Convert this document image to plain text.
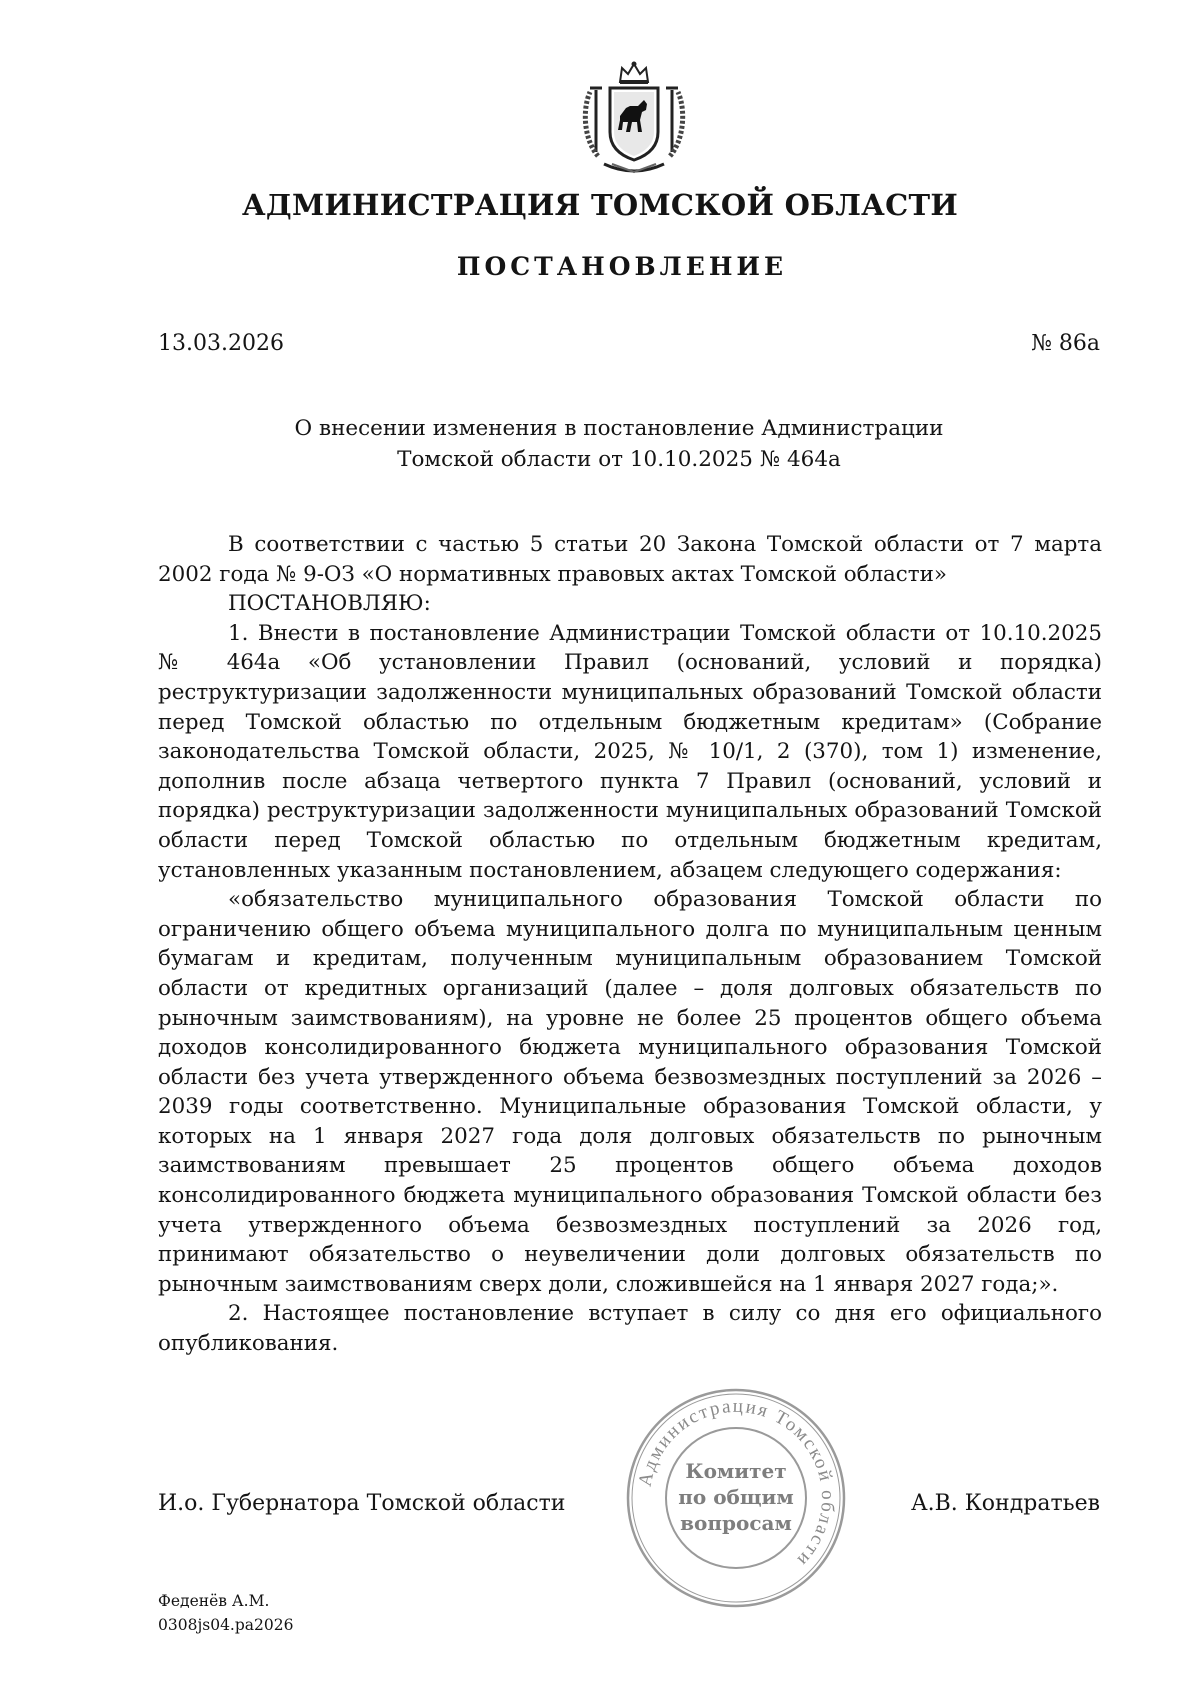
АДМИНИСТРАЦИЯ ТОМСКОЙ ОБЛАСТИ
ПОСТАНОВЛЕНИЕ
13.03.2026	№ 86а
О внесении изменения в постановление Администрации
Томской области от 10.10.2025 № 464а

В соответствии с частью 5 статьи 20 Закона Томской области от 7 марта 2002 года № 9-ОЗ «О нормативных правовых актах Томской области»

ПОСТАНОВЛЯЮ:

1. Внести в постановление Администрации Томской области от 10.10.2025 № 464а «Об установлении Правил (оснований, условий и порядка) реструктуризации задолженности муниципальных образований Томской области перед Томской областью по отдельным бюджетным кредитам» (Собрание законодательства Томской области, 2025, № 10/1, 2 (370), том 1) изменение, дополнив после абзаца четвертого пункта 7 Правил (оснований, условий и порядка) реструктуризации задолженности муниципальных образований Томской области перед Томской областью по отдельным бюджетным кредитам, установленных указанным постановлением, абзацем следующего содержания:

«обязательство муниципального образования Томской области по ограничению общего объема муниципального долга по муниципальным ценным бумагам и кредитам, полученным муниципальным образованием Томской области от кредитных организаций (далее – доля долговых обязательств по рыночным заимствованиям), на уровне не более 25 процентов общего объема доходов консолидированного бюджета муниципального образования Томской области без учета утвержденного объема безвозмездных поступлений за 2026 – 2039 годы соответственно. Муниципальные образования Томской области, у которых на 1 января 2027 года доля долговых обязательств по рыночным заимствованиям превышает 25 процентов общего объема доходов консолидированного бюджета муниципального образования Томской области без учета утвержденного объема безвозмездных поступлений за 2026 год, принимают обязательство о неувеличении доли долговых обязательств по рыночным заимствованиям сверх доли, сложившейся на 1 января 2027 года;».

2. Настоящее постановление вступает в силу со дня его официального опубликования.

И.о. Губернатора Томской области
Администрация Томской области
Комитет
по общим
вопросам
А.В. Кондратьев
Феденёв А.М.
0308js04.pa2026
